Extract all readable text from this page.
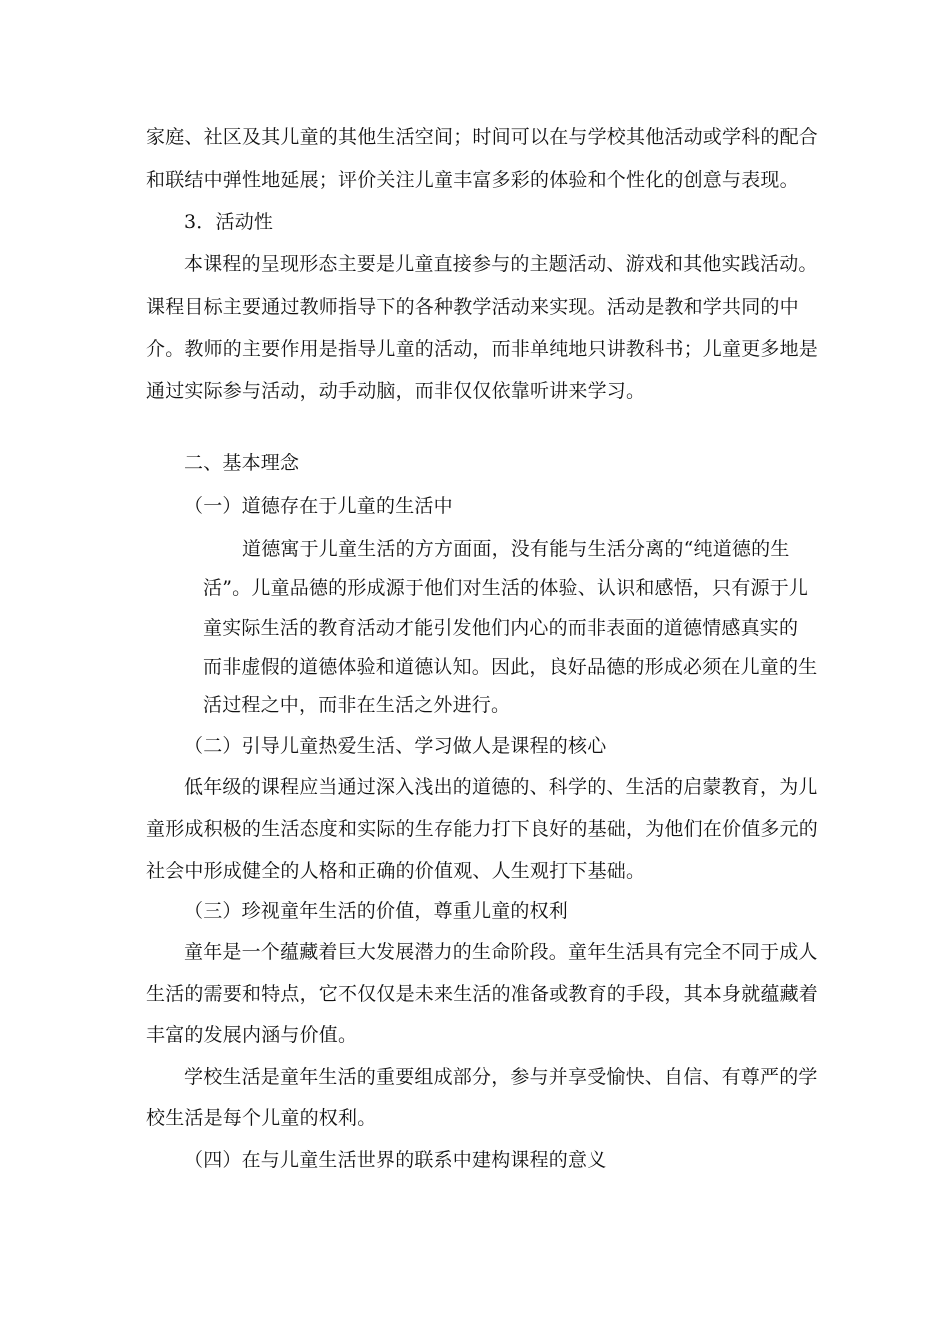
家庭、社区及其儿童的其他生活空间；时间可以在与学校其他活动或学科的配合
和联结中弹性地延展；评价关注儿童丰富多彩的体验和个性化的创意与表现。
3．活动性
本课程的呈现形态主要是儿童直接参与的主题活动、游戏和其他实践活动。
课程目标主要通过教师指导下的各种教学活动来实现。活动是教和学共同的中
介。教师的主要作用是指导儿童的活动，而非单纯地只讲教科书；儿童更多地是
通过实际参与活动，动手动脑，而非仅仅依靠听讲来学习。
二、基本理念
（一）道德存在于儿童的生活中
道德寓于儿童生活的方方面面，没有能与生活分离的“纯道德的生
活”。儿童品德的形成源于他们对生活的体验、认识和感悟，只有源于儿
童实际生活的教育活动才能引发他们内心的而非表面的道德情感真实的
而非虚假的道德体验和道德认知。因此，良好品德的形成必须在儿童的生
活过程之中，而非在生活之外进行。
（二）引导儿童热爱生活、学习做人是课程的核心
低年级的课程应当通过深入浅出的道德的、科学的、生活的启蒙教育，为儿
童形成积极的生活态度和实际的生存能力打下良好的基础，为他们在价值多元的
社会中形成健全的人格和正确的价值观、人生观打下基础。
（三）珍视童年生活的价值，尊重儿童的权利
童年是一个蕴藏着巨大发展潜力的生命阶段。童年生活具有完全不同于成人
生活的需要和特点，它不仅仅是未来生活的准备或教育的手段，其本身就蕴藏着
丰富的发展内涵与价值。
学校生活是童年生活的重要组成部分，参与并享受愉快、自信、有尊严的学
校生活是每个儿童的权利。
（四）在与儿童生活世界的联系中建构课程的意义
